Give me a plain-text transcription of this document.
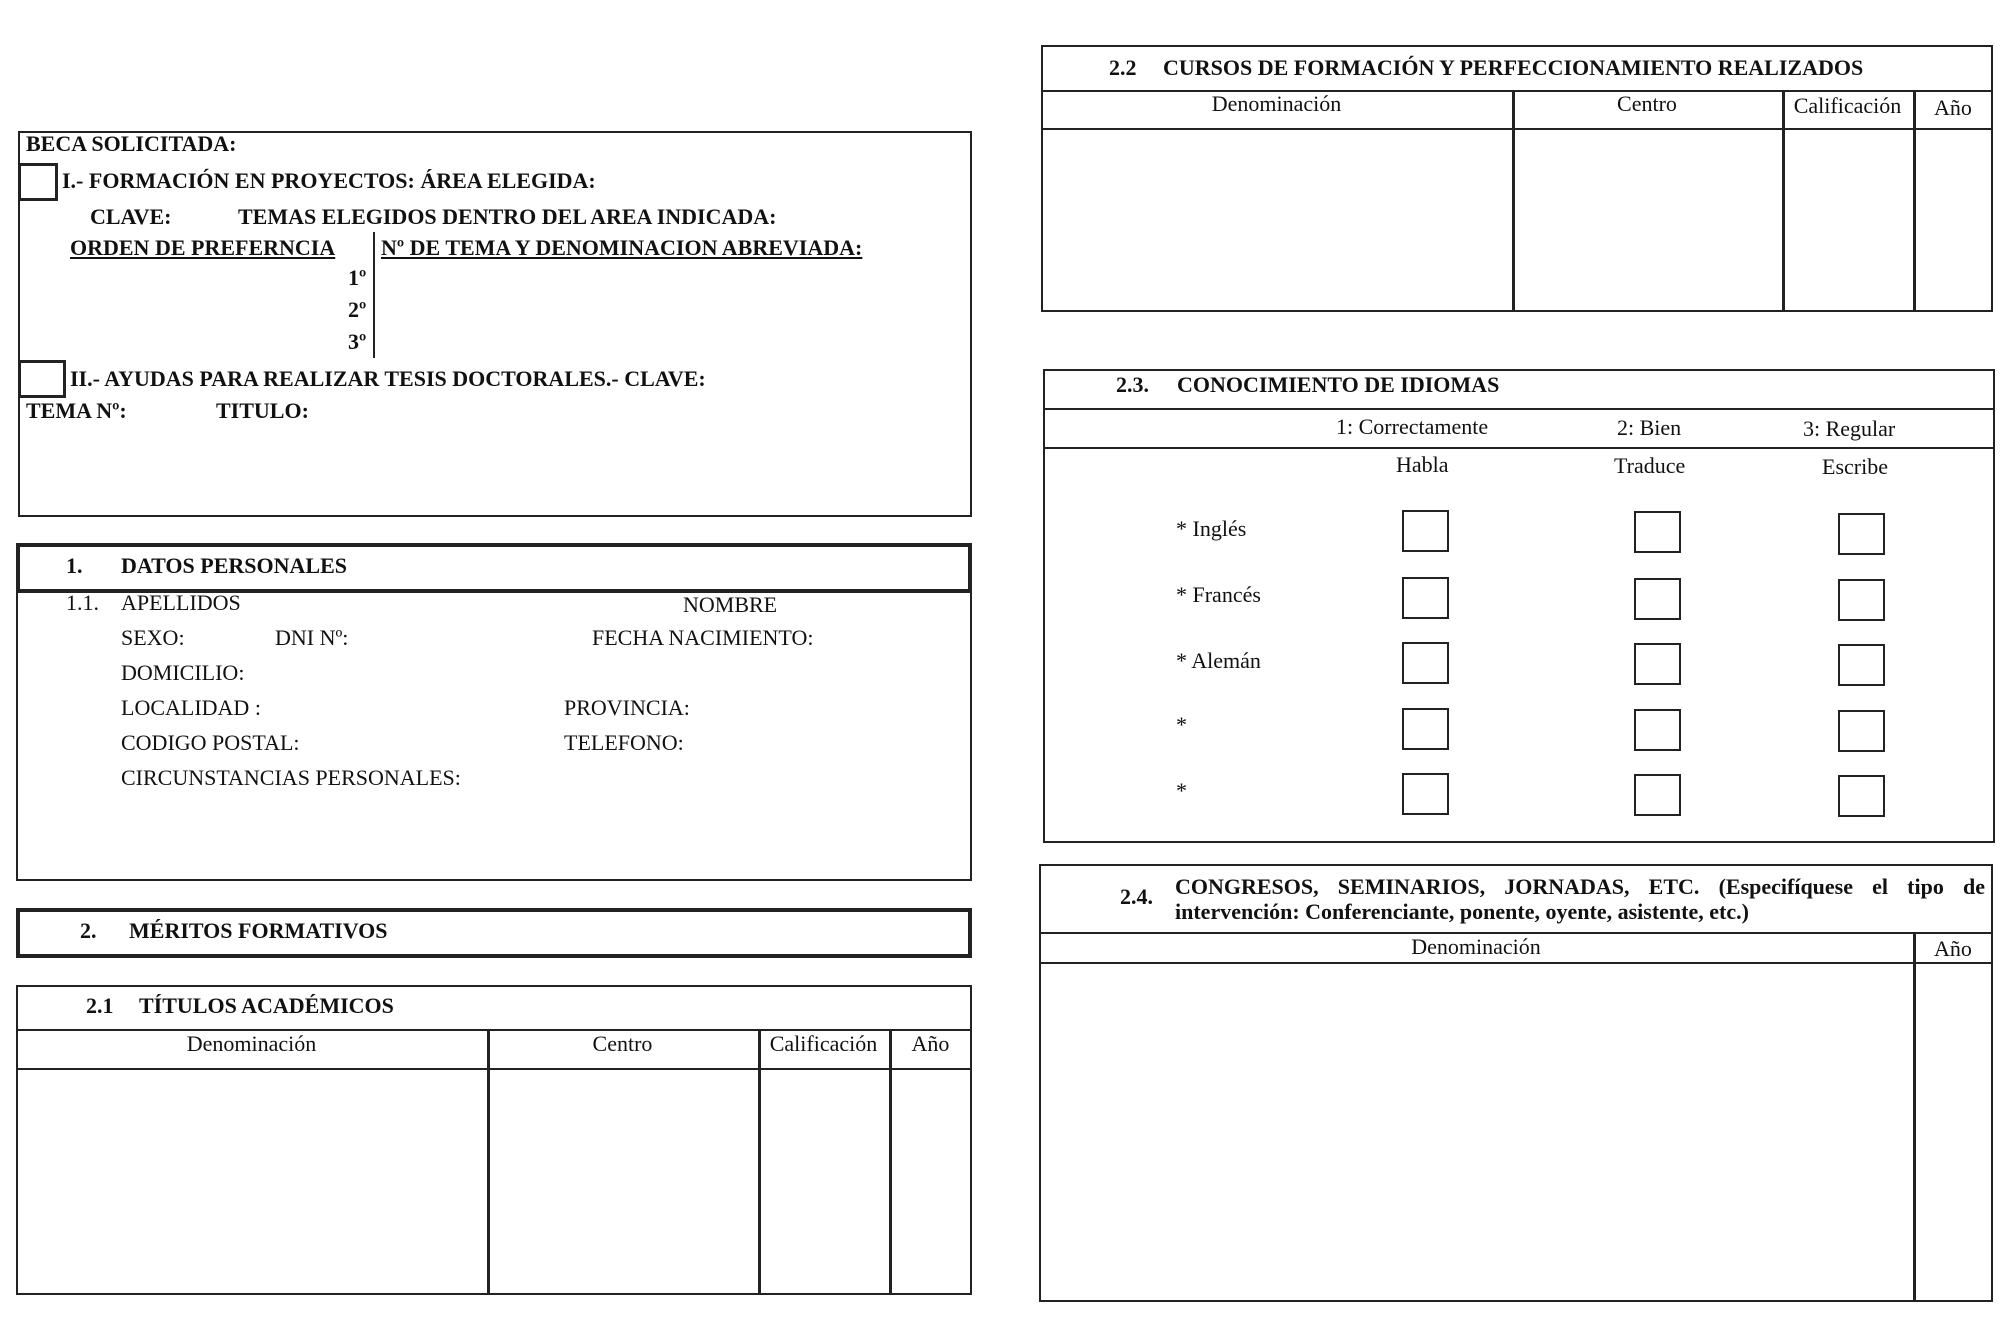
BECA SOLICITADA:
I.- FORMACIÓN EN PROYECTOS: ÁREA ELEGIDA:
CLAVE:	TEMAS ELEGIDOS DENTRO DEL AREA INDICADA:
ORDEN DE PREFERNCIA Nº DE TEMA Y DENOMINACION ABREVIADA:
1º
2º
3º
II.- AYUDAS PARA REALIZAR TESIS DOCTORALES.- CLAVE:
TEMA Nº:	TITULO:
1. DATOS PERSONALES
1.1. APELLIDOS	NOMBRE
SEXO:	DNI Nº:	FECHA NACIMIENTO:
DOMICILIO:
LOCALIDAD :	PROVINCIA:
CODIGO POSTAL:	TELEFONO:
CIRCUNSTANCIAS PERSONALES:
2. MÉRITOS FORMATIVOS
2.1 TÍTULOS ACADÉMICOS
Denominación	Centro	Calificación	Año
2.2 CURSOS DE FORMACIÓN Y PERFECCIONAMIENTO REALIZADOS
Denominación	Centro	Calificación	Año
2.3. CONOCIMIENTO DE IDIOMAS
1: Correctamente	2: Bien	3: Regular
Habla	Traduce	Escribe
* Inglés
* Francés
* Alemán
*
*
2.4. CONGRESOS, SEMINARIOS, JORNADAS, ETC. (Especifíquese el tipo de
intervención: Conferenciante, ponente, oyente, asistente, etc.)
Denominación	Año
